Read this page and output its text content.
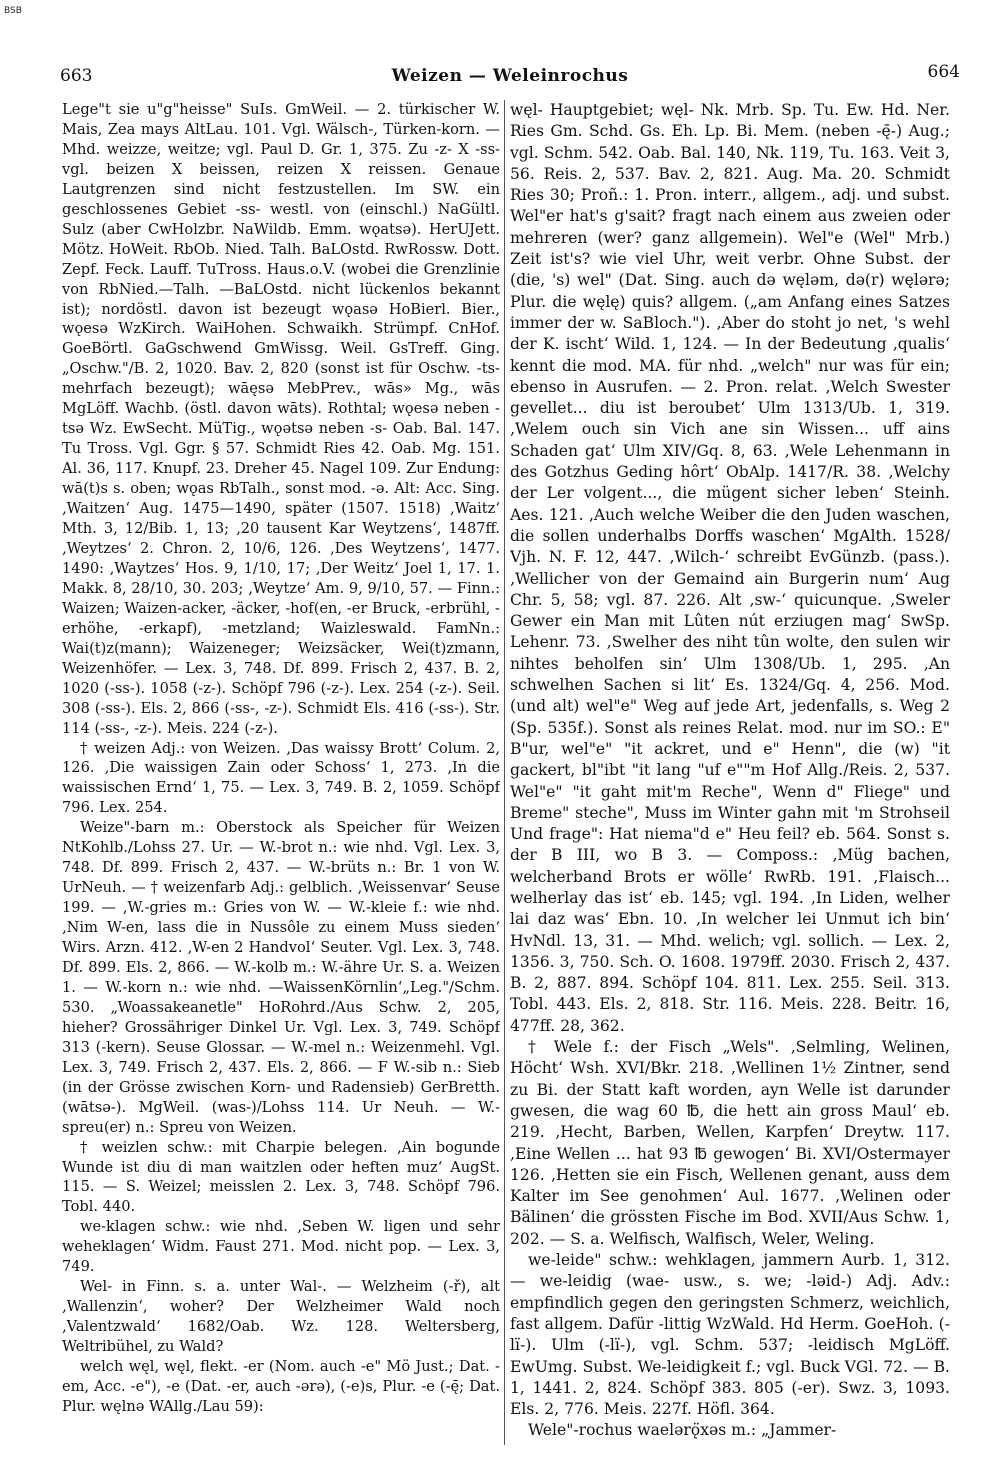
BSB
663	Weizen — Weleinrochus	664

Lege"t sie u"g"heisse" SuIs. GmWeil. — 2. türkischer W. Mais, Zea mays AltLau. 101. Vgl. Wälsch-, Türken-korn. — Mhd. weizze, weitze; vgl. Paul D. Gr. 1, 375. Zu -z- X -ss- vgl. beizen X beissen, reizen X reissen. Genaue Lautgrenzen sind nicht festzustellen. Im SW. ein geschlossenes Gebiet -ss- westl. von (einschl.) NaGültl. Sulz (aber CwHolzbr. NaWildb. Emm. wǫatsə). HerUJett. Mötz. HoWeit. RbOb. Nied. Talh. BaLOstd. RwRossw. Dott. Zepf. Feck. Lauff. TuTross. Haus.o.V. (wobei die Grenzlinie von RbNied.—Talh. —BaLOstd. nicht lückenlos bekannt ist); nordöstl. davon ist bezeugt wǫasə HoBierl. Bier., wǫesə WzKirch. WaiHohen. Schwaikh. Strümpf. CnHof. GoeBörtl. GaGschwend GmWissg. Weil. GsTreff. Ging. „Oschw."/B. 2, 1020. Bav. 2, 820 (sonst ist für Oschw. -ts- mehrfach bezeugt); wāęsə MebPrev., wās» Mg., wās MgLöff. Wachb. (östl. davon wāts). Rothtal; wǫesə neben -tsə Wz. EwSecht. MüTig., wǫətsə neben -s- Oab. Bal. 147. Tu Tross. Vgl. Ggr. § 57. Schmidt Ries 42. Oab. Mg. 151. Al. 36, 117. Knupf. 23. Dreher 45. Nagel 109. Zur Endung: wā(t)s s. oben; wǫas RbTalh., sonst mod. -ə. Alt: Acc. Sing. ‚Waitzen‘ Aug. 1475—1490, später (1507. 1518) ‚Waitz‘ Mth. 3, 12/Bib. 1, 13; ‚20 tausent Kar Weytzens‘, 1487ff. ‚Weytzes‘ 2. Chron. 2, 10/6, 126. ‚Des Weytzens‘, 1477. 1490: ‚Waytzes‘ Hos. 9, 1/10, 17; ‚Der Weitz‘ Joel 1, 17. 1. Makk. 8, 28/10, 30. 203; ‚Weytze‘ Am. 9, 9/10, 57. — Finn.: Waizen; Waizen-acker, -äcker, -hof(en, -er Bruck, -erbrühl, -erhöhe, -erkapf), -metzland; Waizleswald. FamNn.: Wai(t)z(mann); Waizeneger; Weizsäcker, Wei(t)zmann, Weizenhöfer. — Lex. 3, 748. Df. 899. Frisch 2, 437. B. 2, 1020 (-ss-). 1058 (-z-). Schöpf 796 (-z-). Lex. 254 (-z-). Seil. 308 (-ss-). Els. 2, 866 (-ss-, -z-). Schmidt Els. 416 (-ss-). Str. 114 (-ss-, -z-). Meis. 224 (-z-).

† weizen Adj.: von Weizen. ‚Das waissy Brott‘ Colum. 2, 126. ‚Die waissigen Zain oder Schoss‘ 1, 273. ‚In die waissischen Ernd‘ 1, 75. — Lex. 3, 749. B. 2, 1059. Schöpf 796. Lex. 254.

Weize"-barn m.: Oberstock als Speicher für Weizen NtKohlb./Lohss 27. Ur. — W.-brot n.: wie nhd. Vgl. Lex. 3, 748. Df. 899. Frisch 2, 437. — W.-brüts n.: Br. 1 von W. UrNeuh. — † weizenfarb Adj.: gelblich. ‚Weissenvar‘ Seuse 199. — ,W.-gries m.: Gries von W. — W.-kleie f.: wie nhd. ‚Nim W-en, lass die in Nussôle zu einem Muss sieden‘ Wirs. Arzn. 412. ‚W-en 2 Handvol‘ Seuter. Vgl. Lex. 3, 748. Df. 899. Els. 2, 866. — W.-kolb m.: W.-ähre Ur. S. a. Weizen 1. — W.-korn n.: wie nhd. —WaissenKörnlin‘„Leg."/Schm. 530. „Woassakeanetle" HoRohrd./Aus Schw. 2, 205, hieher? Grossähriger Dinkel Ur. Vgl. Lex. 3, 749. Schöpf 313 (-kern). Seuse Glossar. — W.-mel n.: Weizenmehl. Vgl. Lex. 3, 749. Frisch 2, 437. Els. 2, 866. — F W.-sib n.: Sieb (in der Grösse zwischen Korn- und Radensieb) GerBretth. (wātsə-). MgWeil. (was-)/Lohss 114. Ur Neuh. — W.-spreu(er) n.: Spreu von Weizen.

† weizlen schw.: mit Charpie belegen. ‚Ain bogunde Wunde ist diu di man waitzlen oder heften muz‘ AugSt. 115. — S. Weizel; meisslen 2. Lex. 3, 748. Schöpf 796. Tobl. 440.

we-klagen schw.: wie nhd. ‚Seben W. ligen und sehr weheklagen‘ Widm. Faust 271. Mod. nicht pop. — Lex. 3, 749.

Wel- in Finn. s. a. unter Wal-. — Welzheim (-ř), alt ‚Wallenzin‘, woher? Der Welzheimer Wald noch ‚Valentzwald‘ 1682/Oab. Wz. 128. Weltersberg, Weltribühel, zu Wald?

welch węl, węl, flekt. -er (Nom. auch -e" Mö Just.; Dat. -em, Acc. -e"), -e (Dat. -er, auch -ərə), (-e)s, Plur. -e (-ę̄; Dat. Plur. węlnə WAllg./Lau 59):

węl- Hauptgebiet; węl- Nk. Mrb. Sp. Tu. Ew. Hd. Ner. Ries Gm. Schd. Gs. Eh. Lp. Bi. Mem. (neben -ę̄-) Aug.; vgl. Schm. 542. Oab. Bal. 140, Nk. 119, Tu. 163. Veit 3, 56. Reis. 2, 537. Bav. 2, 821. Aug. Ma. 20. Schmidt Ries 30; Proñ.: 1. Pron. interr., allgem., adj. und subst. Wel"er hat's g'sait? fragt nach einem aus zweien oder mehreren (wer? ganz allgemein). Wel"e (Wel" Mrb.) Zeit ist's? wie viel Uhr, weit verbr. Ohne Subst. der (die, 's) wel" (Dat. Sing. auch də węləm, də(r) węlərə; Plur. die węlę) quis? allgem. („am Anfang eines Satzes immer der w. SaBloch."). ‚Aber do stoht jo net, 's wehl der K. ischt‘ Wild. 1, 124. — In der Bedeutung ‚qualis‘ kennt die mod. MA. für nhd. „welch" nur was für ein; ebenso in Ausrufen. — 2. Pron. relat. ‚Welch Swester gevellet... diu ist beroubet‘ Ulm 1313/Ub. 1, 319. ‚Welem ouch sin Vich ane sin Wissen... uff ains Schaden gat‘ Ulm XIV/Gq. 8, 63. ‚Wele Lehenmann in des Gotzhus Geding hôrt‘ ObAlp. 1417/R. 38. ‚Welchy der Ler volgent..., die mügent sicher leben‘ Steinh. Aes. 121. ‚Auch welche Weiber die den Juden waschen, die sollen underhalbs Dorffs waschen‘ MgAlth. 1528/ Vjh. N. F. 12, 447. ‚Wilch-‘ schreibt EvGünzb. (pass.). ‚Wellicher von der Gemaind ain Burgerin num‘ Aug Chr. 5, 58; vgl. 87. 226. Alt ‚sw-‘ quicunque. ‚Sweler Gewer ein Man mit Lûten nút erziugen mag‘ SwSp. Lehenr. 73. ‚Swelher des niht tûn wolte, den sulen wir nihtes beholfen sin‘ Ulm 1308/Ub. 1, 295. ‚An schwelhen Sachen si lit‘ Es. 1324/Gq. 4, 256. Mod. (und alt) wel"e" Weg auf jede Art, jedenfalls, s. Weg 2 (Sp. 535f.). Sonst als reines Relat. mod. nur im SO.: E" B"ur, wel"e" "it ackret, und e" Henn", die (w) "it gackert, bl"ibt "it lang "uf e""m Hof Allg./Reis. 2, 537. Wel"e" "it gaht mit'm Reche", Wenn d" Fliege" und Breme" steche", Muss im Winter gahn mit 'm Strohseil Und frage": Hat niema"d e" Heu feil? eb. 564. Sonst s. der B III, wo B 3. — Composs.: ‚Müg bachen, welcherband Brots er wölle‘ RwRb. 191. ‚Flaisch... welherlay das ist‘ eb. 145; vgl. 194. ‚In Liden, welher lai daz was‘ Ebn. 10. ‚In welcher lei Unmut ich bin‘ HvNdl. 13, 31. — Mhd. welich; vgl. sollich. — Lex. 2, 1356. 3, 750. Sch. O. 1608. 1979ff. 2030. Frisch 2, 437. B. 2, 887. 894. Schöpf 104. 811. Lex. 255. Seil. 313. Tobl. 443. Els. 2, 818. Str. 116. Meis. 228. Beitr. 16, 477ff. 28, 362.

† Wele f.: der Fisch „Wels". ‚Selmling, Welinen, Höcht‘ Wsh. XVI/Bkr. 218. ‚Wellinen 1½ Zintner, send zu Bi. der Statt kaft worden, ayn Welle ist darunder gwesen, die wag 60 ℔, die hett ain gross Maul‘ eb. 219. ‚Hecht, Barben, Wellen, Karpfen‘ Dreytw. 117. ‚Eine Wellen ... hat 93 ℔ gewogen‘ Bi. XVI/Ostermayer 126. ‚Hetten sie ein Fisch, Wellenen genant, auss dem Kalter im See genohmen‘ Aul. 1677. ‚Welinen oder Bälinen‘ die grössten Fische im Bod. XVII/Aus Schw. 1, 202. — S. a. Welfisch, Walfisch, Weler, Weling.

we-leide" schw.: wehklagen, jammern Aurb. 1, 312. — we-leidig (wae- usw., s. we; -ləid-) Adj. Adv.: empfindlich gegen den geringsten Schmerz, weichlich, fast allgem. Dafür -littig WzWald. Hd Herm. GoeHoh. (-lï-). Ulm (-lï-), vgl. Schm. 537; -leidisch MgLöff. EwUmg. Subst. We-leidigkeit f.; vgl. Buck VGl. 72. — B. 1, 1441. 2, 824. Schöpf 383. 805 (-er). Swz. 3, 1093. Els. 2, 776. Meis. 227f. Höfl. 364.

Wele"-rochus waelərǫ̈xəs m.: „Jammer-
